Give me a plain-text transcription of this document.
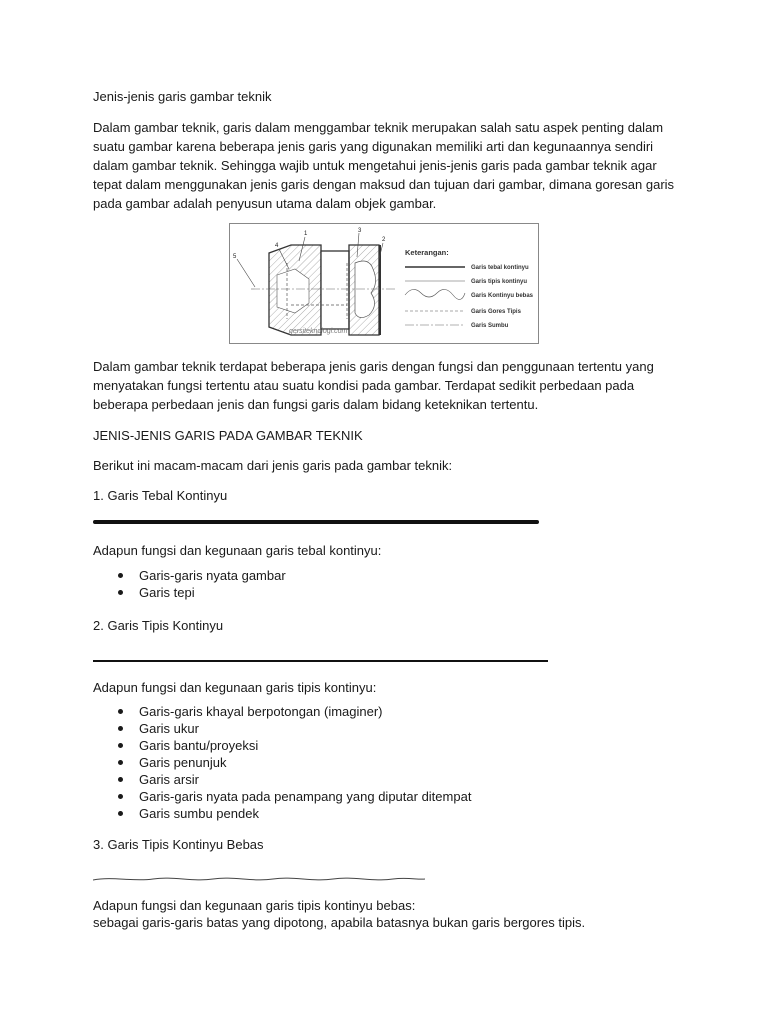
Jenis-jenis garis gambar teknik

Dalam gambar teknik, garis dalam menggambar teknik merupakan salah satu aspek penting dalam suatu gambar karena beberapa jenis garis yang digunakan memiliki arti dan kegunaannya sendiri dalam gambar teknik. Sehingga wajib untuk mengetahui jenis-jenis garis pada gambar teknik agar tepat dalam menggunakan jenis garis dengan maksud dan tujuan dari gambar, dimana goresan garis pada gambar adalah penyusun utama dalam objek gambar.

1
2
3
4
5
gersiteknologi.com
Keterangan:
Garis tebal kontinyu
Garis tipis kontinyu
Garis Kontinyu bebas
Garis Gores Tipis
Garis Sumbu

Dalam gambar teknik terdapat beberapa jenis garis dengan fungsi dan penggunaan tertentu yang menyatakan fungsi tertentu atau suatu kondisi pada gambar. Terdapat sedikit perbedaan pada beberapa perbedaan jenis dan fungsi garis dalam bidang keteknikan tertentu.

JENIS-JENIS GARIS PADA GAMBAR TEKNIK

Berikut ini macam-macam dari jenis garis pada gambar teknik:

1. Garis Tebal Kontinyu

Adapun fungsi dan kegunaan garis tebal kontinyu:

Garis-garis nyata gambar
Garis tepi

2. Garis Tipis Kontinyu

Adapun fungsi dan kegunaan garis tipis kontinyu:

Garis-garis khayal berpotongan (imaginer)
Garis ukur
Garis bantu/proyeksi
Garis penunjuk
Garis arsir
Garis-garis nyata pada penampang yang diputar ditempat
Garis sumbu pendek

3. Garis Tipis Kontinyu Bebas

Adapun fungsi dan kegunaan garis tipis kontinyu bebas:

sebagai garis-garis batas yang dipotong, apabila batasnya bukan garis bergores tipis.
